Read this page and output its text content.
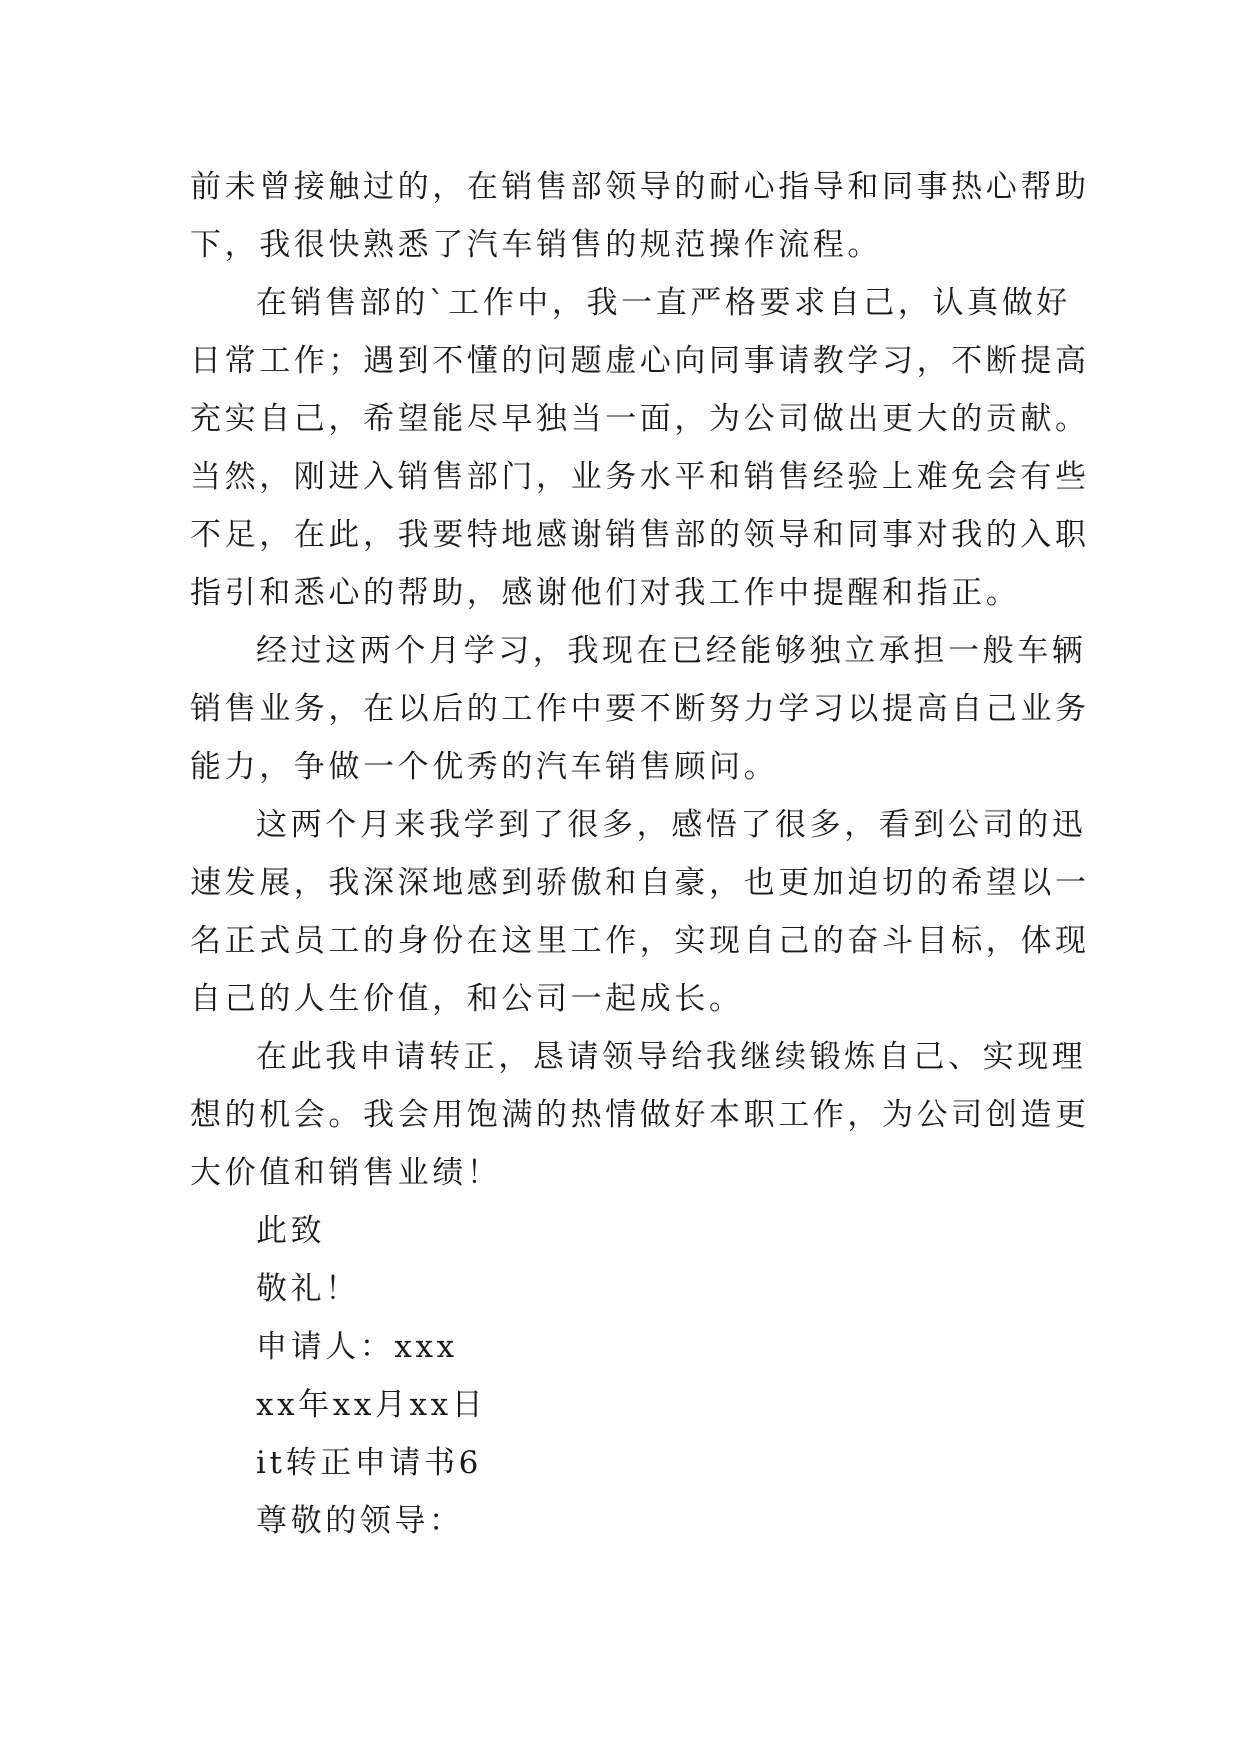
前未曾接触过的，在销售部领导的耐心指导和同事热心帮助
下，我很快熟悉了汽车销售的规范操作流程。
在销售部的`工作中，我一直严格要求自己，认真做好
日常工作；遇到不懂的问题虚心向同事请教学习，不断提高
充实自己，希望能尽早独当一面，为公司做出更大的贡献。
当然，刚进入销售部门，业务水平和销售经验上难免会有些
不足，在此，我要特地感谢销售部的领导和同事对我的入职
指引和悉心的帮助，感谢他们对我工作中提醒和指正。
经过这两个月学习，我现在已经能够独立承担一般车辆
销售业务，在以后的工作中要不断努力学习以提高自己业务
能力，争做一个优秀的汽车销售顾问。
这两个月来我学到了很多，感悟了很多，看到公司的迅
速发展，我深深地感到骄傲和自豪，也更加迫切的希望以一
名正式员工的身份在这里工作，实现自己的奋斗目标，体现
自己的人生价值，和公司一起成长。
在此我申请转正，恳请领导给我继续锻炼自己、实现理
想的机会。我会用饱满的热情做好本职工作，为公司创造更
大价值和销售业绩！
此致
敬礼！
申请人：xxx
xx年xx月xx日
it转正申请书6
尊敬的领导：
